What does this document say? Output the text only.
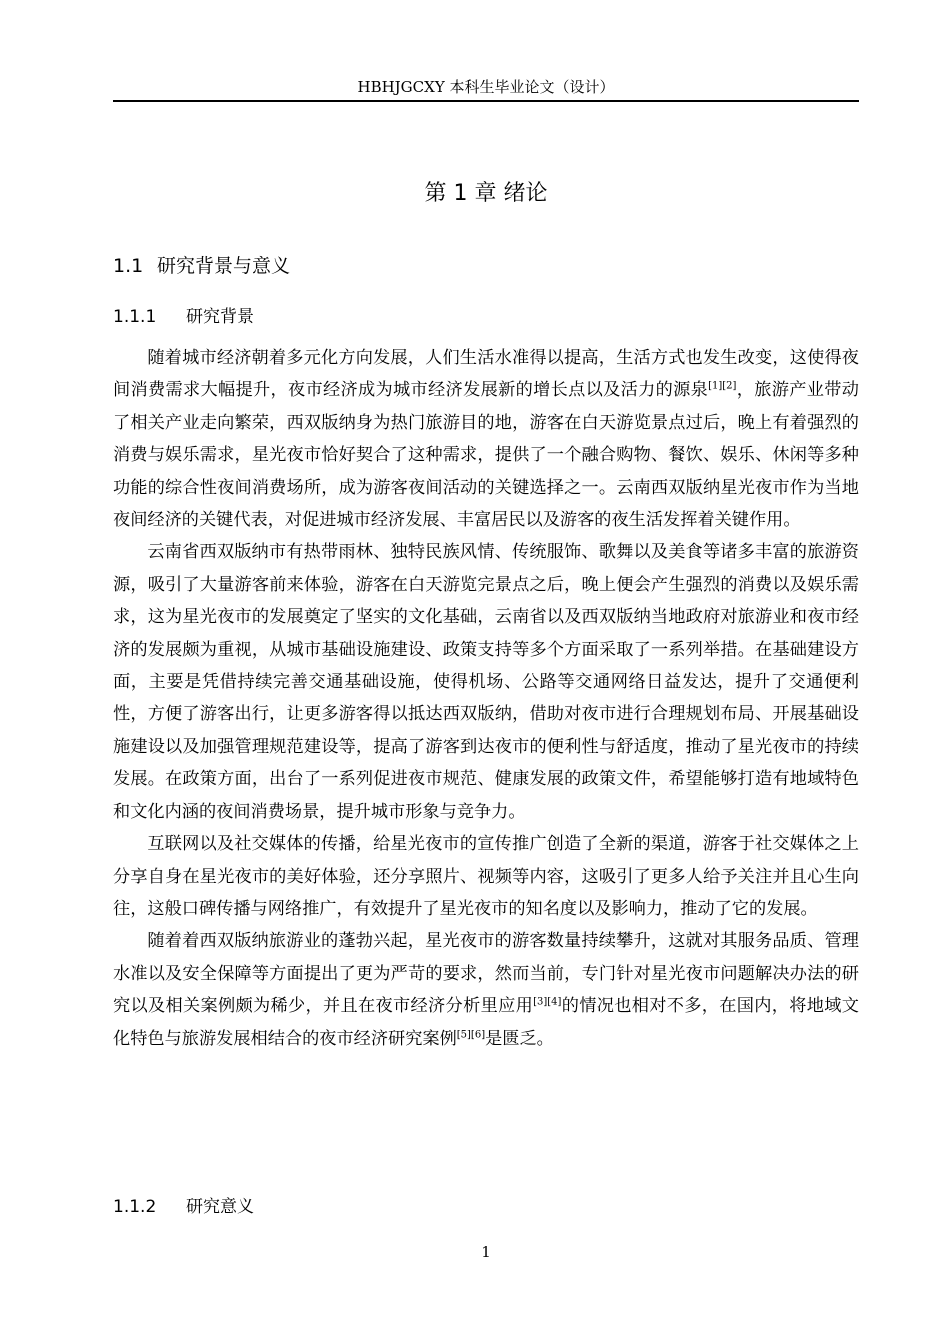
HBHJGCXY 本科生毕业论文（设计）
第 1 章 绪论
1.1 研究背景与意义
1.1.1 研究背景

随着城市经济朝着多元化方向发展，人们生活水准得以提高，生活方式也发生改变，这使得夜间消费需求大幅提升，夜市经济成为城市经济发展新的增长点以及活力的源泉[1][2]，旅游产业带动了相关产业走向繁荣，西双版纳身为热门旅游目的地，游客在白天游览景点过后，晚上有着强烈的消费与娱乐需求，星光夜市恰好契合了这种需求，提供了一个融合购物、餐饮、娱乐、休闲等多种功能的综合性夜间消费场所，成为游客夜间活动的关键选择之一。云南西双版纳星光夜市作为当地夜间经济的关键代表，对促进城市经济发展、丰富居民以及游客的夜生活发挥着关键作用。

云南省西双版纳市有热带雨林、独特民族风情、传统服饰、歌舞以及美食等诸多丰富的旅游资源，吸引了大量游客前来体验，游客在白天游览完景点之后，晚上便会产生强烈的消费以及娱乐需求，这为星光夜市的发展奠定了坚实的文化基础，云南省以及西双版纳当地政府对旅游业和夜市经济的发展颇为重视，从城市基础设施建设、政策支持等多个方面采取了一系列举措。在基础建设方面，主要是凭借持续完善交通基础设施，使得机场、公路等交通网络日益发达，提升了交通便利性，方便了游客出行，让更多游客得以抵达西双版纳，借助对夜市进行合理规划布局、开展基础设施建设以及加强管理规范建设等，提高了游客到达夜市的便利性与舒适度，推动了星光夜市的持续发展。在政策方面，出台了一系列促进夜市规范、健康发展的政策文件，希望能够打造有地域特色和文化内涵的夜间消费场景，提升城市形象与竞争力。

互联网以及社交媒体的传播，给星光夜市的宣传推广创造了全新的渠道，游客于社交媒体之上分享自身在星光夜市的美好体验，还分享照片、视频等内容，这吸引了更多人给予关注并且心生向往，这般口碑传播与网络推广，有效提升了星光夜市的知名度以及影响力，推动了它的发展。

随着着西双版纳旅游业的蓬勃兴起，星光夜市的游客数量持续攀升，这就对其服务品质、管理水准以及安全保障等方面提出了更为严苛的要求，然而当前，专门针对星光夜市问题解决办法的研究以及相关案例颇为稀少，并且在夜市经济分析里应用[3][4]的情况也相对不多，在国内，将地域文化特色与旅游发展相结合的夜市经济研究案例[5][6]是匮乏。

1.1.2 研究意义
1
